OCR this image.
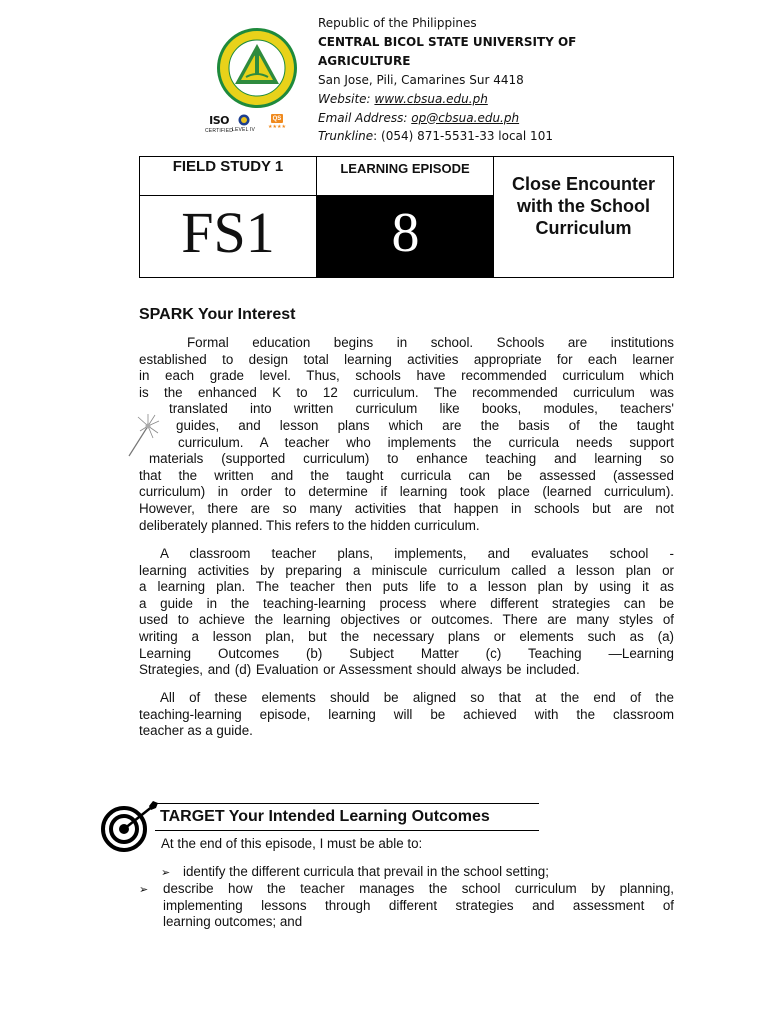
ISO
CERTIFIED
LEVEL IV
QS
★★★★
Republic of the Philippines
CENTRAL BICOL STATE UNIVERSITY OF
AGRICULTURE
San Jose, Pili, Camarines Sur 4418
Website: www.cbsua.edu.ph
Email Address: op@cbsua.edu.ph
Trunkline: (054) 871-5531-33 local 101
FIELD STUDY 1
FS1
LEARNING EPISODE
8
Close Encounter
with the School
Curriculum
SPARK Your Interest
Formal education begins in school. Schools are institutions
established to design total learning activities appropriate for each learner
in each grade level. Thus, schools have recommended curriculum which
is the enhanced K to 12 curriculum. The recommended curriculum was
translated into written curriculum like books, modules, teachers'
guides, and lesson plans which are the basis of the taught
curriculum. A teacher who implements the curricula needs support
materials (supported curriculum) to enhance teaching and learning so
that the written and the taught curricula can be assessed (assessed
curriculum) in order to determine if learning took place (learned curriculum).
However, there are so many activities that happen in schools but are not
deliberately planned. This refers to the hidden curriculum.
A classroom teacher plans, implements, and evaluates school -
learning activities by preparing a miniscule curriculum called a lesson plan or
a learning plan. The teacher then puts life to a lesson plan by using it as
a guide in the teaching-learning process where different strategies can be
used to achieve the learning objectives or outcomes. There are many styles of
writing a lesson plan, but the necessary plans or elements such as (a)
Learning Outcomes (b) Subject Matter (c) Teaching —Learning
Strategies, and (d) Evaluation or Assessment should always be included.
All of these elements should be aligned so that at the end of the
teaching-learning episode, learning will be achieved with the classroom
teacher as a guide.
TARGET Your Intended Learning Outcomes
At the end of this episode, I must be able to:
➢ identify the different curricula that prevail in the school setting;
➢ describe how the teacher manages the school curriculum by planning,
implementing lessons through different strategies and assessment of
learning outcomes; and
